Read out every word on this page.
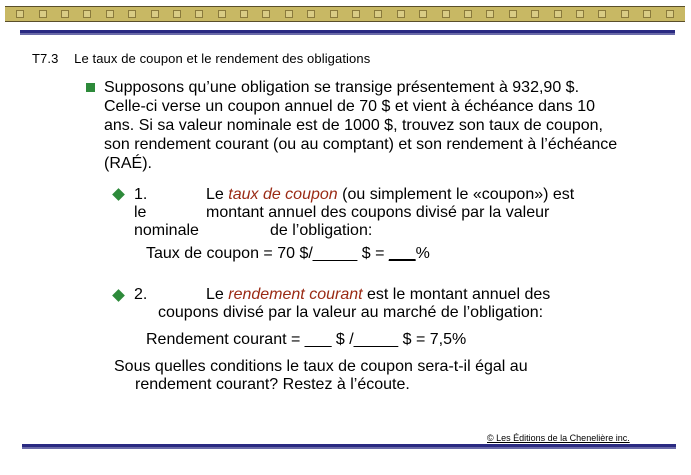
T7.3 Le taux de coupon et le rendement des obligations
Supposons qu’une obligation se transige présentement à 932,90 $. Celle-ci verse un coupon annuel de 70 $ et vient à échéance dans 10 ans. Si sa valeur nominale est de 1000 $, trouvez son taux de coupon, son rendement courant (ou au comptant) et son rendement à l’échéance (RAÉ).
1.	Le taux de coupon (ou simplement le «coupon») est
le	montant annuel des coupons divisé par la valeur
nominale	de l’obligation:
Taux de coupon = 70 $/_____ $ = ___%
2.	Le rendement courant est le montant annuel des
coupons divisé par la valeur au marché de l’obligation:
Rendement courant = ___ $ /_____ $ = 7,5%
Sous quelles conditions le taux de coupon sera-t-il égal au
rendement courant? Restez à l’écoute.
© Les Éditions de la Chenelière inc.
